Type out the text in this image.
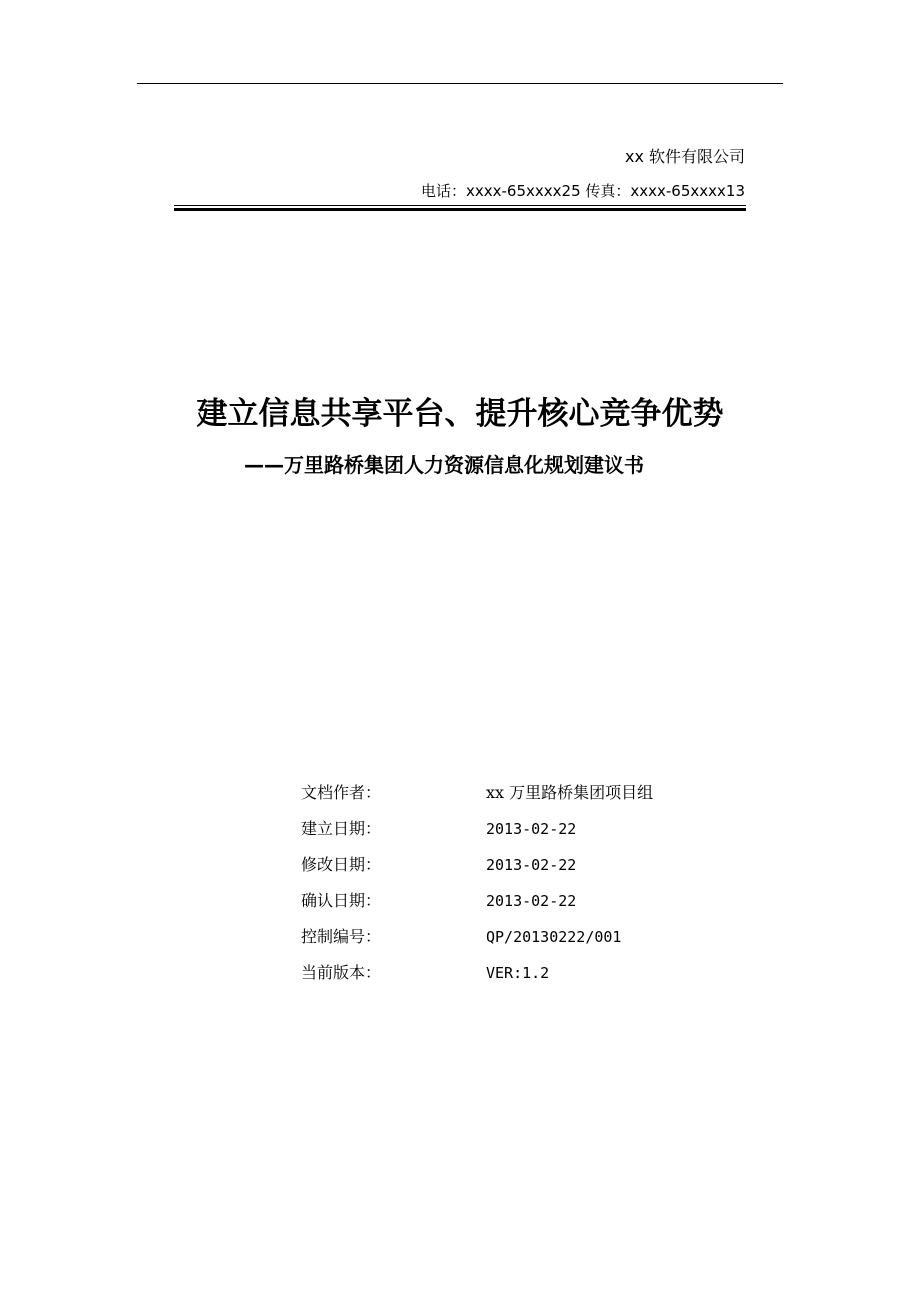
xx 软件有限公司
电话：xxxx-65xxxx25 传真：xxxx-65xxxx13
建立信息共享平台、提升核心竞争优势
——万里路桥集团人力资源信息化规划建议书
文档作者：	xx 万里路桥集团项目组
建立日期：	2013-02-22
修改日期：	2013-02-22
确认日期：	2013-02-22
控制编号：	QP/20130222/001
当前版本：	VER:1.2
